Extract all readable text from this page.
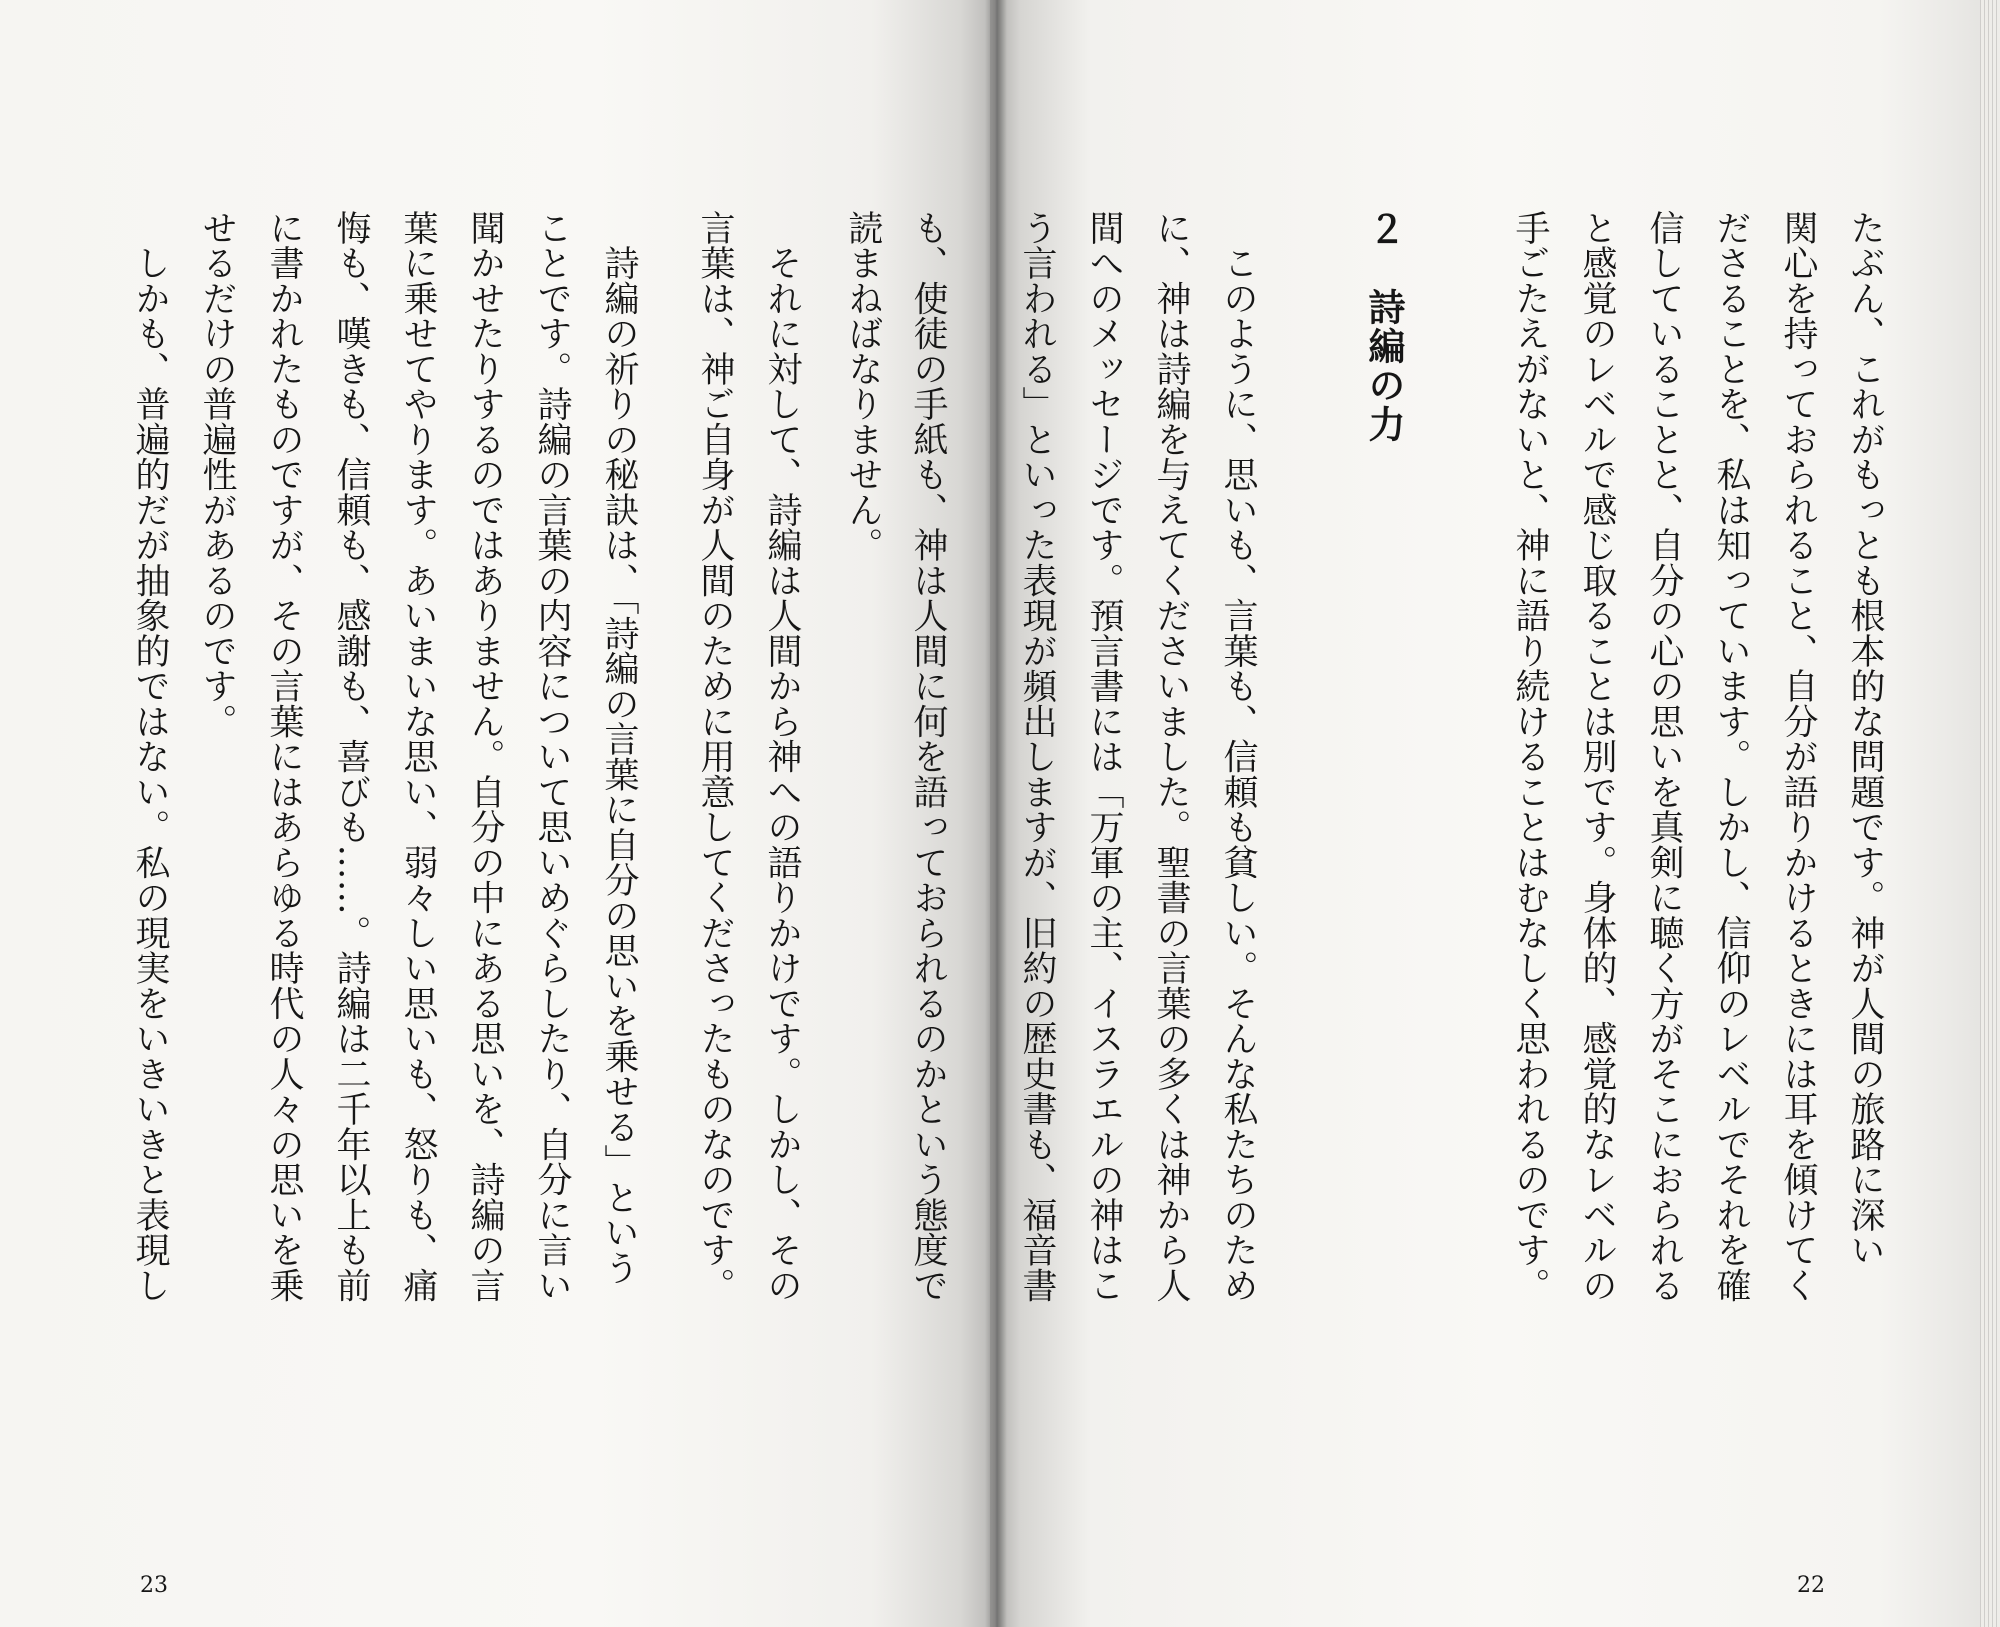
も、使徒の手紙も、神は人間に何を語っておられるのかという態度で
読まねばなりません。
　それに対して、詩編は人間から神への語りかけです。しかし、その
言葉は、神ご自身が人間のために用意してくださったものなのです。
　詩編の祈りの秘訣は、「詩編の言葉に自分の思いを乗せる」という
ことです。詩編の言葉の内容について思いめぐらしたり、自分に言い
聞かせたりするのではありません。自分の中にある思いを、詩編の言
葉に乗せてやります。あいまいな思い、弱々しい思いも、怒りも、痛
悔も、嘆きも、信頼も、感謝も、喜びも……。詩編は二千年以上も前
に書かれたものですが、その言葉にはあらゆる時代の人々の思いを乗
せるだけの普遍性があるのです。
　しかも、普遍的だが抽象的ではない。私の現実をいきいきと表現し
23
たぶん、これがもっとも根本的な問題です。神が人間の旅路に深い
関心を持っておられること、自分が語りかけるときには耳を傾けてく
ださることを、私は知っています。しかし、信仰のレベルでそれを確
信していることと、自分の心の思いを真剣に聴く方がそこにおられる
と感覚のレベルで感じ取ることは別です。身体的、感覚的なレベルの
手ごたえがないと、神に語り続けることはむなしく思われるのです。
２　詩編の力
　このように、思いも、言葉も、信頼も貧しい。そんな私たちのため
に、神は詩編を与えてくださいました。聖書の言葉の多くは神から人
間へのメッセージです。預言書には「万軍の主、イスラエルの神はこ
う言われる」といった表現が頻出しますが、旧約の歴史書も、福音書
22
